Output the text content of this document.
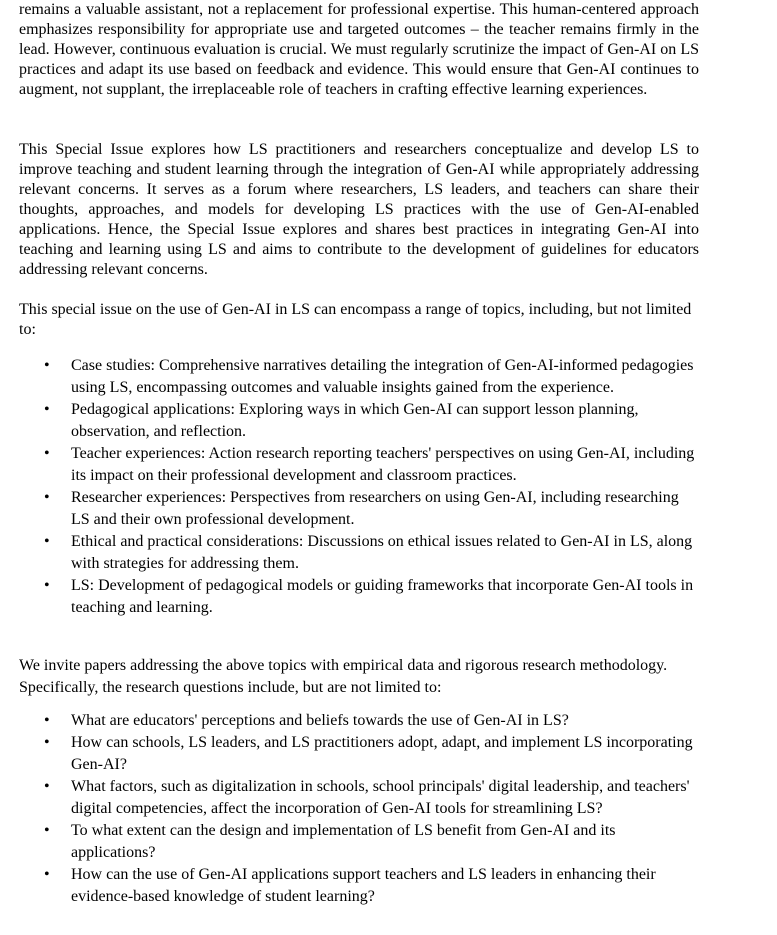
remains a valuable assistant, not a replacement for professional expertise. This human-centered approach emphasizes responsibility for appropriate use and targeted outcomes – the teacher remains firmly in the lead. However, continuous evaluation is crucial. We must regularly scrutinize the impact of Gen-AI on LS practices and adapt its use based on feedback and evidence. This would ensure that Gen-AI continues to augment, not supplant, the irreplaceable role of teachers in crafting effective learning experiences.

This Special Issue explores how LS practitioners and researchers conceptualize and develop LS to improve teaching and student learning through the integration of Gen-AI while appropriately addressing relevant concerns. It serves as a forum where researchers, LS leaders, and teachers can share their thoughts, approaches, and models for developing LS practices with the use of Gen-AI-enabled applications. Hence, the Special Issue explores and shares best practices in integrating Gen-AI into teaching and learning using LS and aims to contribute to the development of guidelines for educators addressing relevant concerns.

This special issue on the use of Gen-AI in LS can encompass a range of topics, including, but not limited to:

•	Case studies: Comprehensive narratives detailing the integration of Gen-AI-informed pedagogies using LS, encompassing outcomes and valuable insights gained from the experience.
•	Pedagogical applications: Exploring ways in which Gen-AI can support lesson planning, observation, and reflection.
•	Teacher experiences: Action research reporting teachers' perspectives on using Gen-AI, including its impact on their professional development and classroom practices.
•	Researcher experiences: Perspectives from researchers on using Gen-AI, including researching LS and their own professional development.
•	Ethical and practical considerations: Discussions on ethical issues related to Gen-AI in LS, along with strategies for addressing them.
•	LS: Development of pedagogical models or guiding frameworks that incorporate Gen-AI tools in teaching and learning.

We invite papers addressing the above topics with empirical data and rigorous research methodology. Specifically, the research questions include, but are not limited to:

•	What are educators' perceptions and beliefs towards the use of Gen-AI in LS?
•	How can schools, LS leaders, and LS practitioners adopt, adapt, and implement LS incorporating Gen-AI?
•	What factors, such as digitalization in schools, school principals' digital leadership, and teachers' digital competencies, affect the incorporation of Gen-AI tools for streamlining LS?
•	To what extent can the design and implementation of LS benefit from Gen-AI and its applications?
•	How can the use of Gen-AI applications support teachers and LS leaders in enhancing their evidence-based knowledge of student learning?
